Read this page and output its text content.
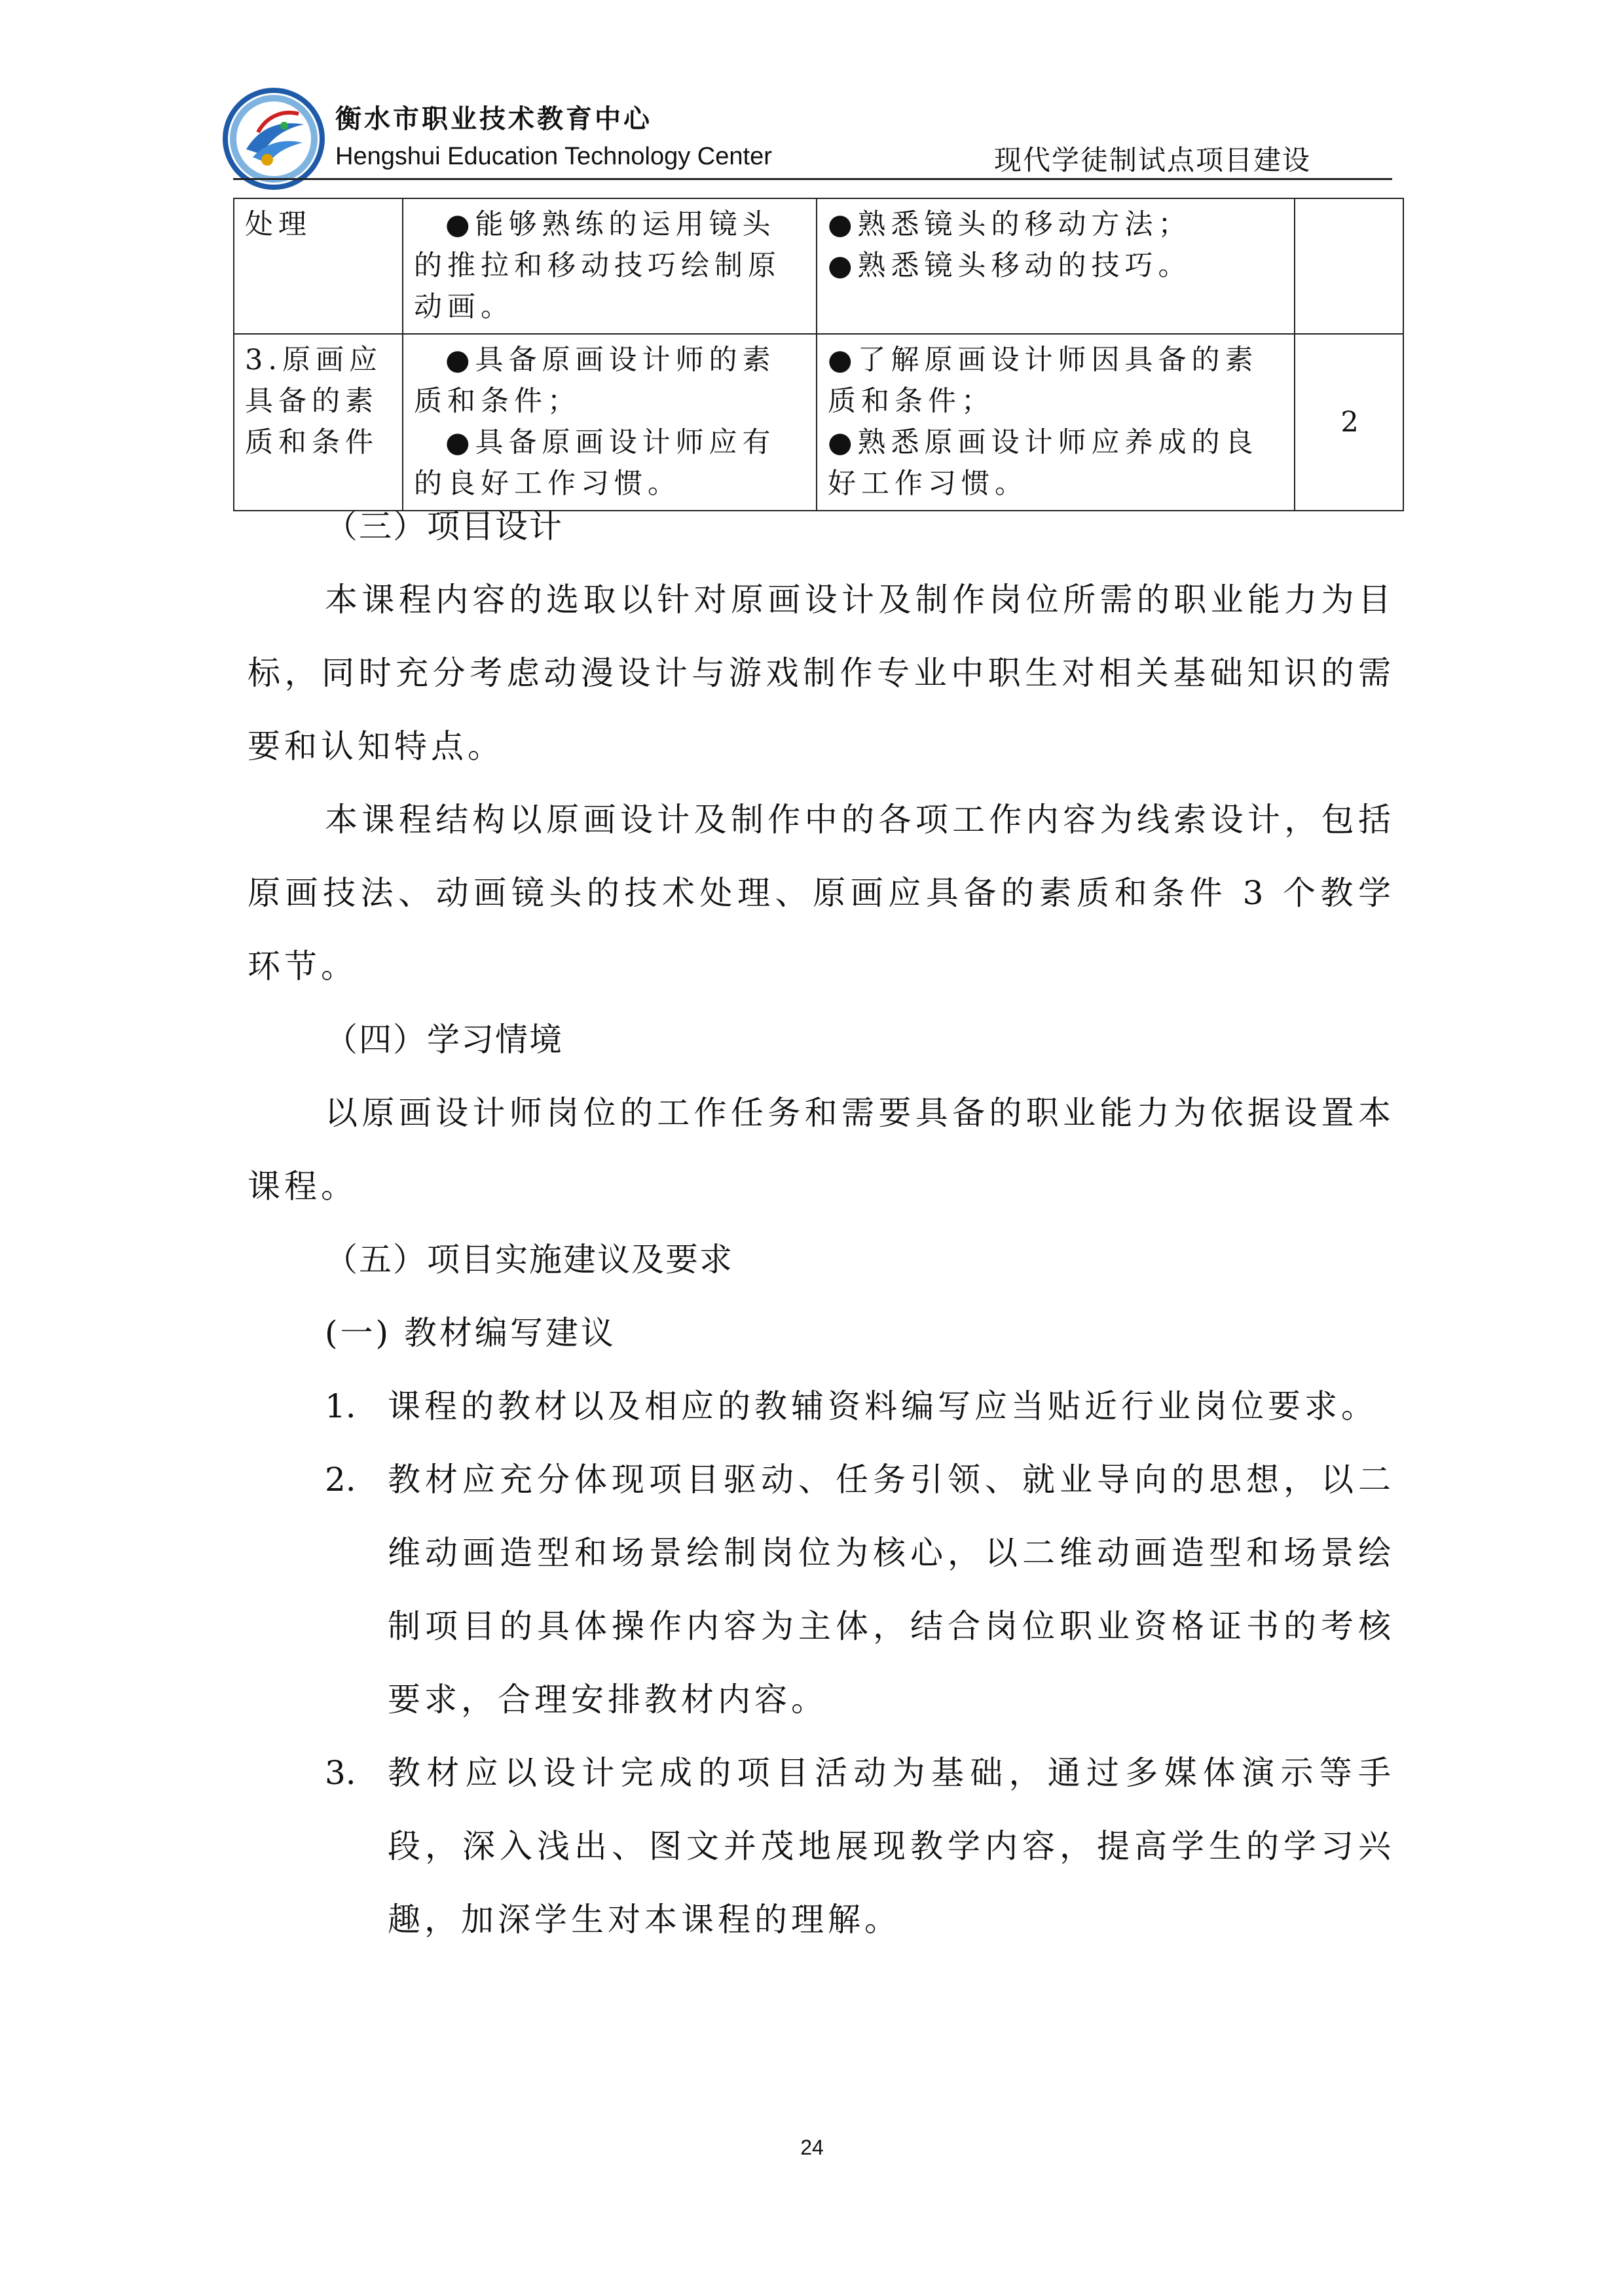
衡水市职业技术教育中心
Hengshui Education Technology Center	现代学徒制试点项目建设
处理	●能够熟练的运用镜头的推拉和移动技巧绘制原动画。	●熟悉镜头的移动方法；
●熟悉镜头移动的技巧。	

3.原画应具备的素质和条件	●具备原画设计师的素质和条件；
●具备原画设计师应有的良好工作习惯。	●了解原画设计师因具备的素质和条件；
●熟悉原画设计师应养成的良好工作习惯。	2
（三）项目设计

本课程内容的选取以针对原画设计及制作岗位所需的职业能力为目标，同时充分考虑动漫设计与游戏制作专业中职生对相关基础知识的需要和认知特点。

本课程结构以原画设计及制作中的各项工作内容为线索设计，包括原画技法、动画镜头的技术处理、原画应具备的素质和条件 3 个教学环节。

（四）学习情境

以原画设计师岗位的工作任务和需要具备的职业能力为依据设置本课程。

（五）项目实施建议及要求
(一) 教材编写建议
1. 课程的教材以及相应的教辅资料编写应当贴近行业岗位要求。
2. 教材应充分体现项目驱动、任务引领、就业导向的思想，以二维动画造型和场景绘制岗位为核心，以二维动画造型和场景绘制项目的具体操作内容为主体，结合岗位职业资格证书的考核要求，合理安排教材内容。
3. 教材应以设计完成的项目活动为基础，通过多媒体演示等手段，深入浅出、图文并茂地展现教学内容，提高学生的学习兴趣，加深学生对本课程的理解。
24
